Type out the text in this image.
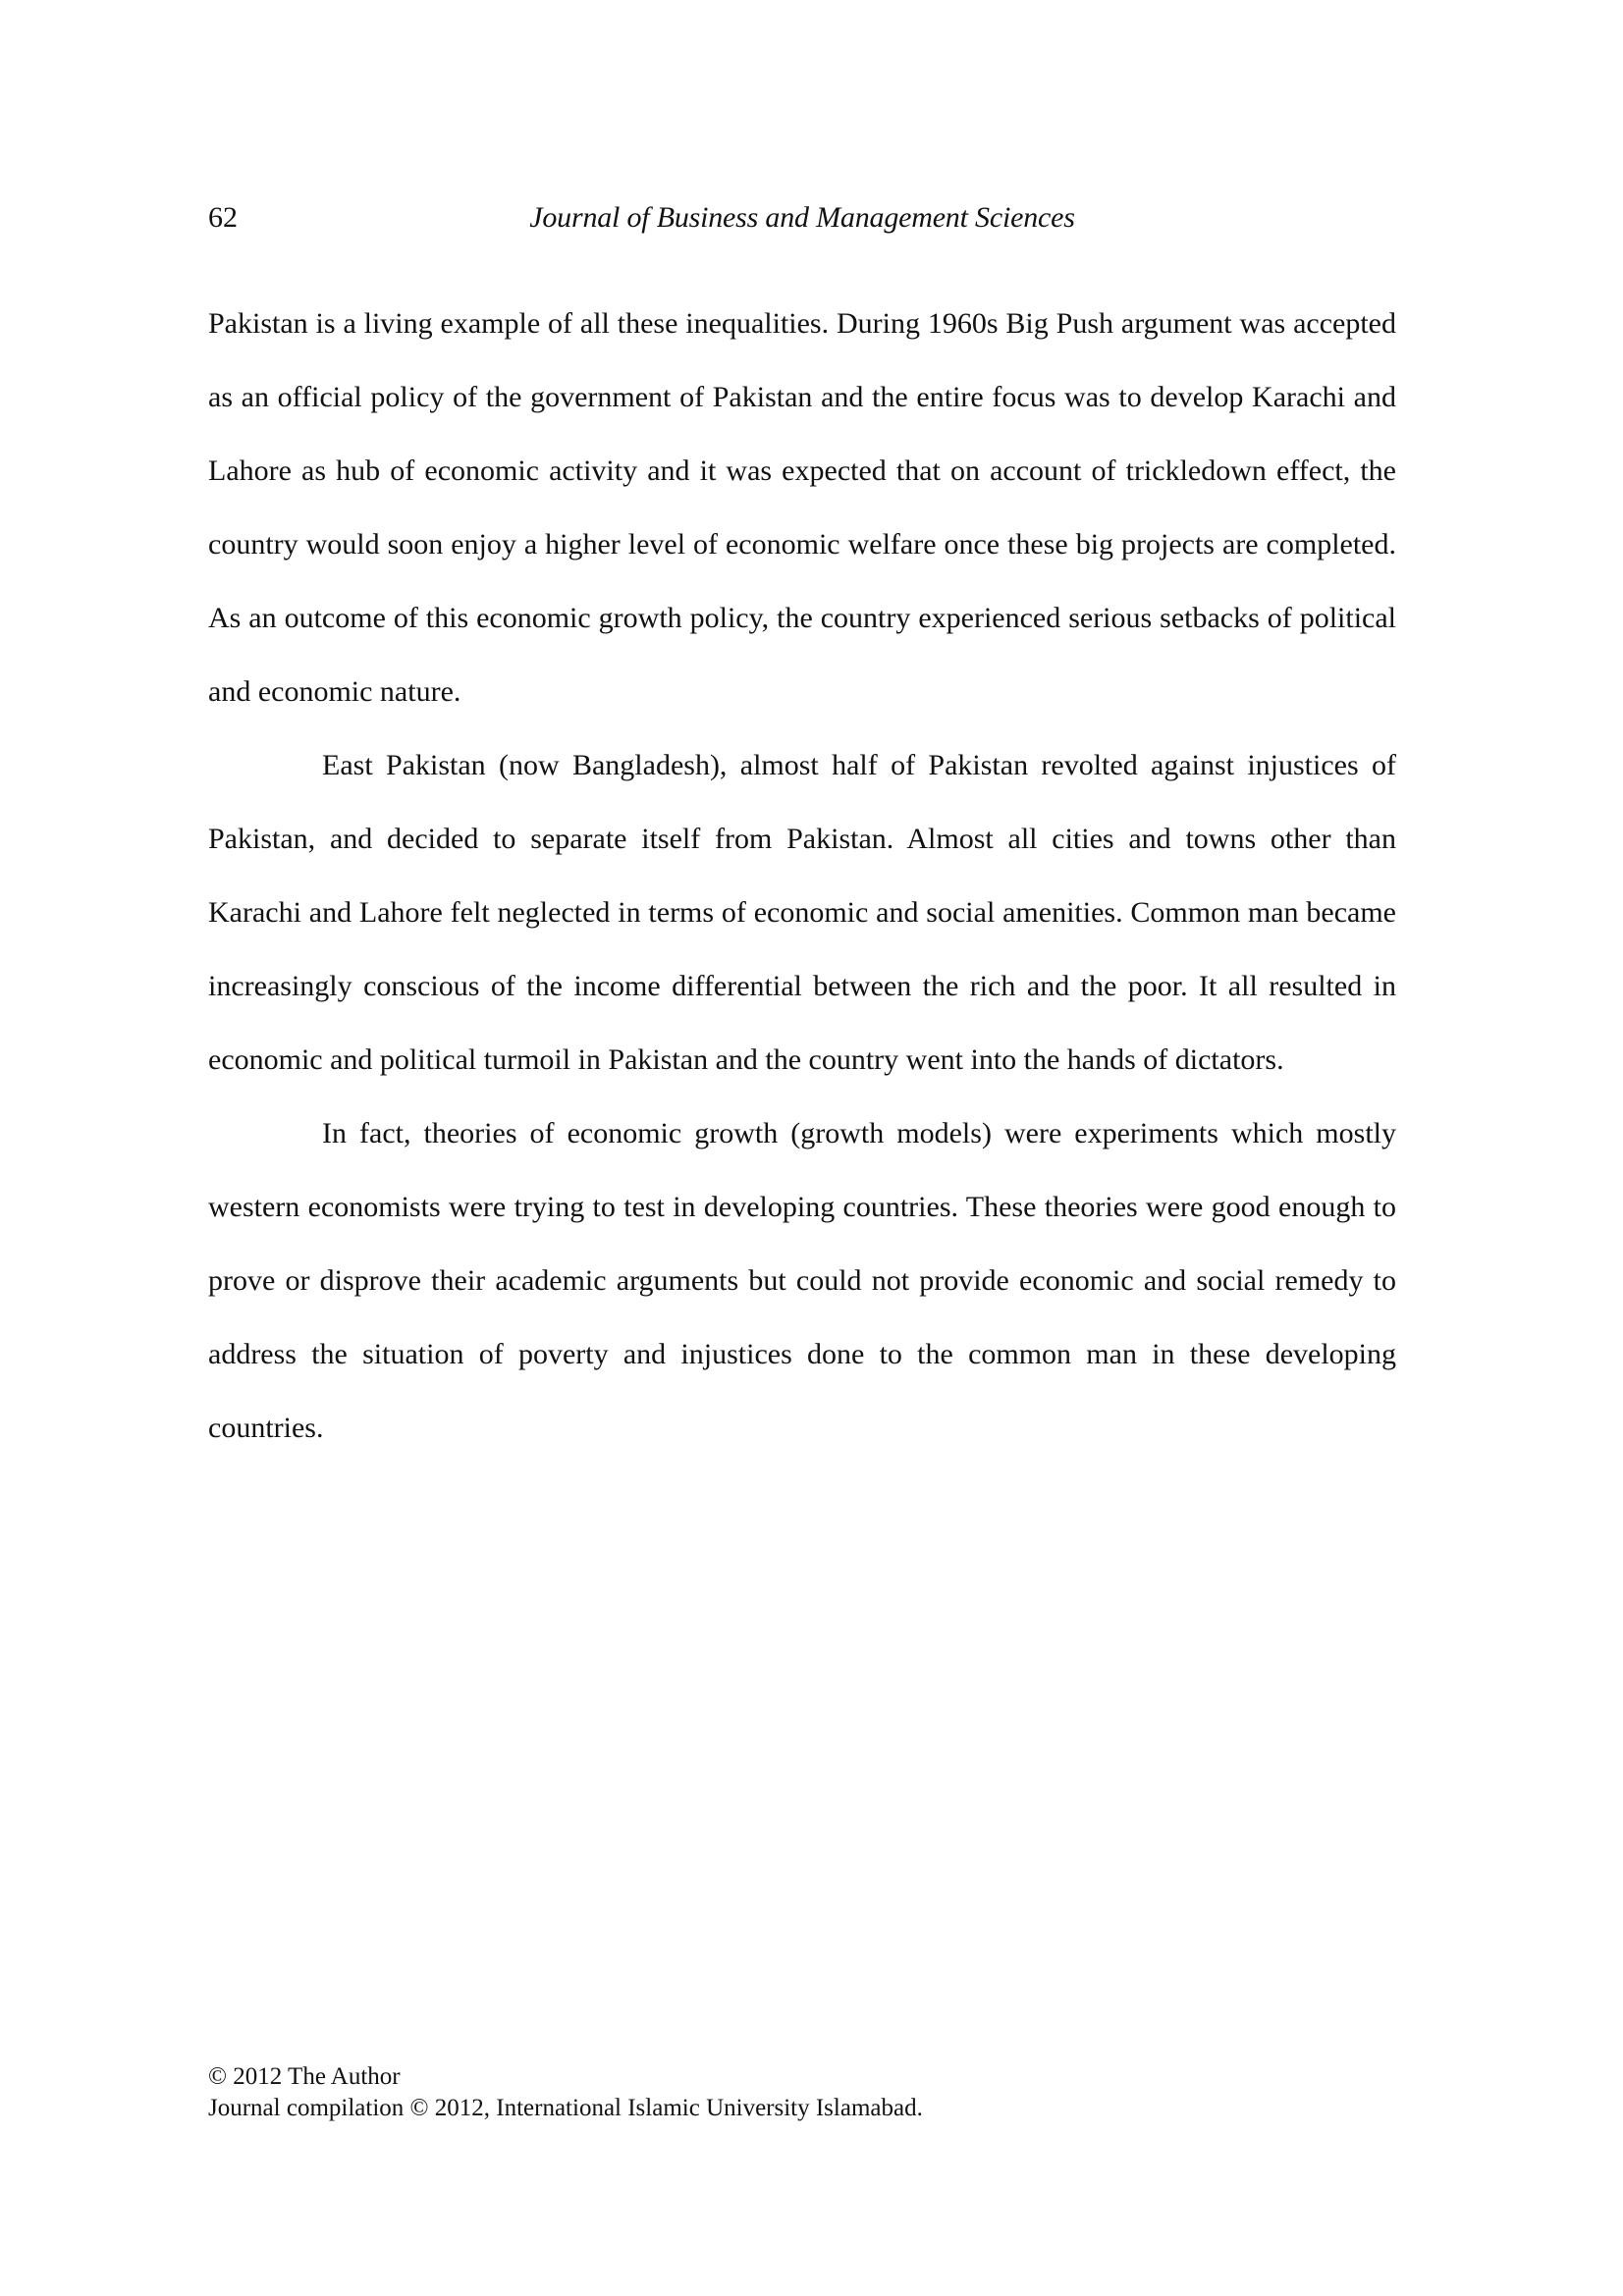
62	Journal of Business and Management Sciences

Pakistan is a living example of all these inequalities. During 1960s Big Push argument was accepted as an official policy of the government of Pakistan and the entire focus was to develop Karachi and Lahore as hub of economic activity and it was expected that on account of trickledown effect, the country would soon enjoy a higher level of economic welfare once these big projects are completed. As an outcome of this economic growth policy, the country experienced serious setbacks of political and economic nature.

East Pakistan (now Bangladesh), almost half of Pakistan revolted against injustices of Pakistan, and decided to separate itself from Pakistan. Almost all cities and towns other than Karachi and Lahore felt neglected in terms of economic and social amenities. Common man became increasingly conscious of the income differential between the rich and the poor. It all resulted in economic and political turmoil in Pakistan and the country went into the hands of dictators.

In fact, theories of economic growth (growth models) were experiments which mostly western economists were trying to test in developing countries. These theories were good enough to prove or disprove their academic arguments but could not provide economic and social remedy to address the situation of poverty and injustices done to the common man in these developing countries.

© 2012 The Author
Journal compilation © 2012, International Islamic University Islamabad.
